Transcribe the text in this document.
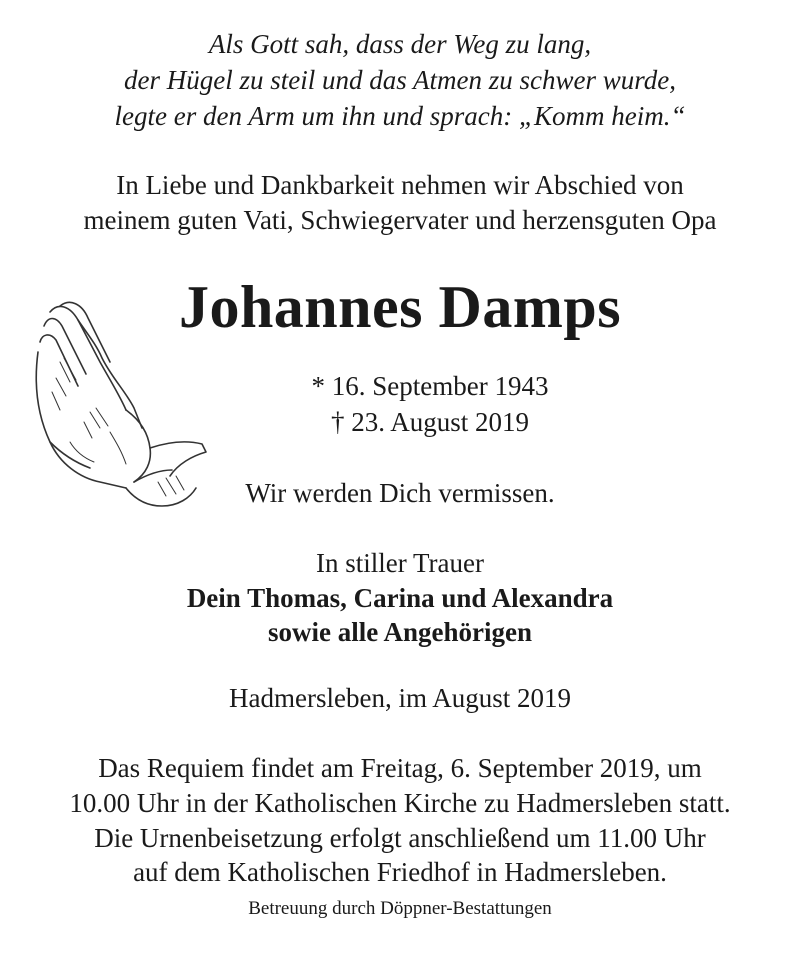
Als Gott sah, dass der Weg zu lang,
der Hügel zu steil und das Atmen zu schwer wurde,
legte er den Arm um ihn und sprach: „Komm heim.“
In Liebe und Dankbarkeit nehmen wir Abschied von
meinem guten Vati, Schwiegervater und herzensguten Opa
Johannes Damps
* 16. September 1943
† 23. August 2019
Wir werden Dich vermissen.
In stiller Trauer
Dein Thomas, Carina und Alexandra
sowie alle Angehörigen
Hadmersleben, im August 2019
Das Requiem findet am Freitag, 6. September 2019, um
10.00 Uhr in der Katholischen Kirche zu Hadmersleben statt.
Die Urnenbeisetzung erfolgt anschließend um 11.00 Uhr
auf dem Katholischen Friedhof in Hadmersleben.
Betreuung durch Döppner-Bestattungen
